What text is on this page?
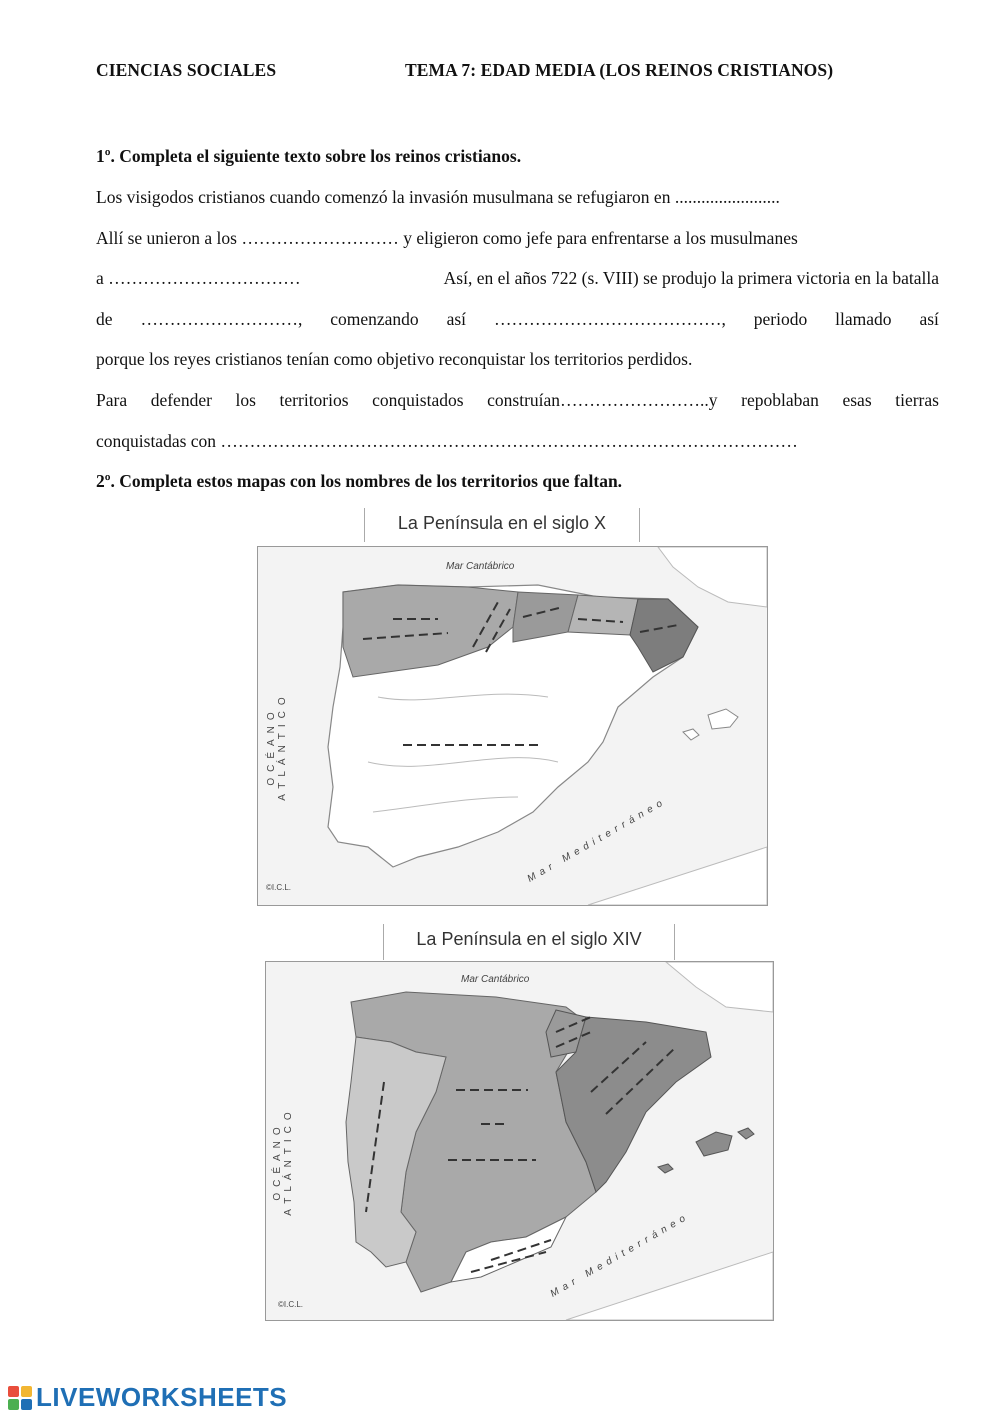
CIENCIAS SOCIALES	TEMA 7: EDAD MEDIA (LOS REINOS CRISTIANOS)
1º. Completa el siguiente texto sobre los reinos cristianos.
Los visigodos cristianos cuando comenzó la invasión musulmana se refugiaron en ........................
Allí se unieron a los ……………………… y eligieron como jefe para enfrentarse a los musulmanes
a ……………………………	Así, en el años 722 (s. VIII) se produjo la primera victoria en la batalla
de ………………………, comenzando así …………………………………, periodo llamado así
porque los reyes cristianos tenían como objetivo reconquistar los territorios perdidos.
Para defender los territorios conquistados construían……………………..y repoblaban esas tierras
conquistadas con ………………………………………………………………………………………
2º. Completa estos mapas con los nombres de los territorios que faltan.
La Península en el siglo X
Mar Cantábrico
OCÉANO ATLÁNTICO
Mar Mediterráneo
©I.C.L.
La Península en el siglo XIV
Mar Cantábrico
OCÉANO ATLÁNTICO
Mar Mediterráneo
©I.C.L.
LIVEWORKSHEETS
